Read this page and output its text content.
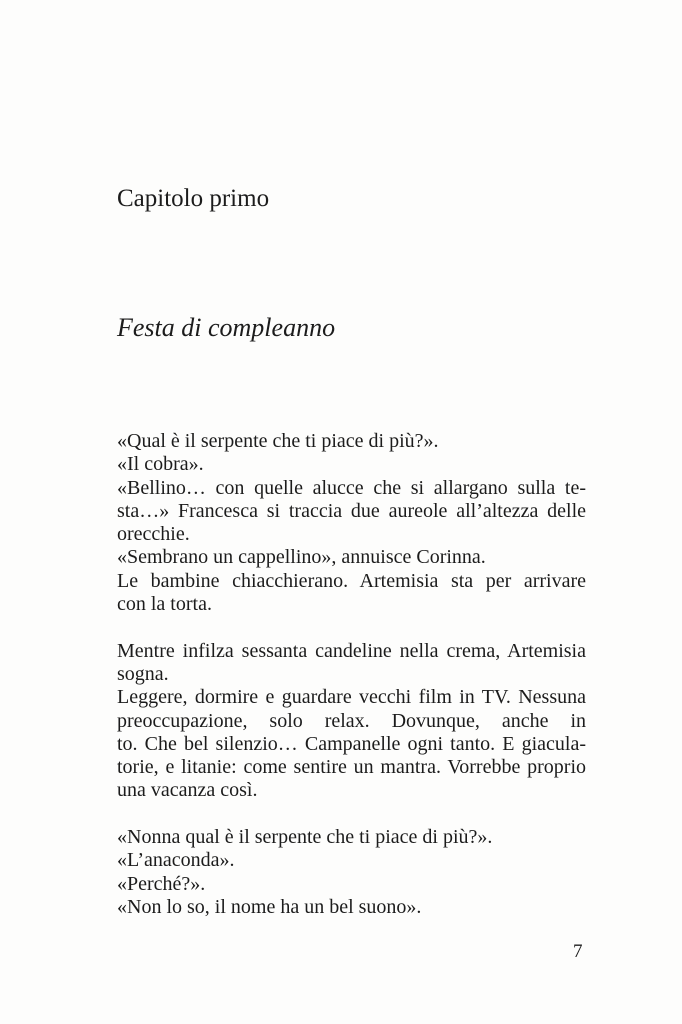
Capitolo primo
Festa di compleanno
«Qual è il serpente che ti piace di più?».
«Il cobra».
«Bellino… con quelle alucce che si allargano sulla te-
sta…» Francesca si traccia due aureole all’altezza delle
orecchie.
«Sembrano un cappellino», annuisce Corinna.
Le bambine chiacchierano. Artemisia sta per arrivare
con la torta.
Mentre infilza sessanta candeline nella crema, Artemisia
sogna.
Leggere, dormire e guardare vecchi film in TV. Nessuna
preoccupazione, solo relax. Dovunque, anche in
to. Che bel silenzio… Campanelle ogni tanto. E giacula-
torie, e litanie: come sentire un mantra. Vorrebbe proprio
una vacanza così.
«Nonna qual è il serpente che ti piace di più?».
«L’anaconda».
«Perché?».
«Non lo so, il nome ha un bel suono».
7
